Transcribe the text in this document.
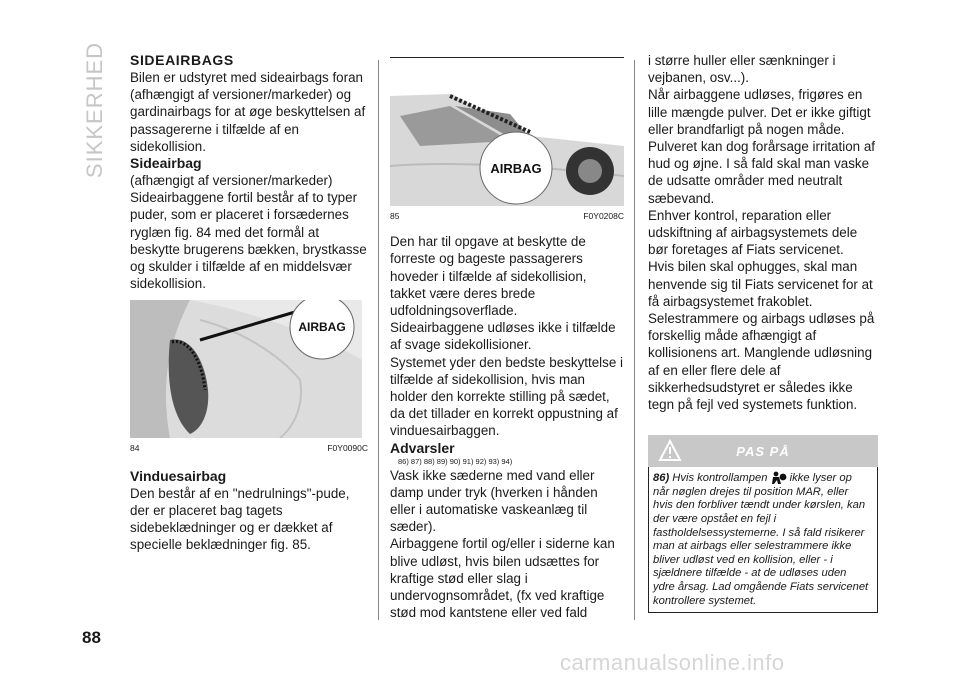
SIKKERHED SIDEAIRBAGS

Bilen er udstyret med sideairbags foran (afhængigt af versioner/markeder) og gardinairbags for at øge beskyttelsen af passagererne i tilfælde af en sidekollision.

Sideairbag

(afhængigt af versioner/markeder) Sideairbaggene fortil består af to typer puder, som er placeret i forsædernes ryglæn fig. 84 med det formål at beskytte brugerens bækken, brystkasse og skulder i tilfælde af en middelsvær sidekollision.

AIRBAG
84	F0Y0090C

Vinduesairbag

Den består af en "nedrulnings"-pude, der er placeret bag tagets sidebeklædninger og er dækket af specielle beklædninger fig. 85.

AIRBAG
85	F0Y0208C

Den har til opgave at beskytte de forreste og bageste passagerers hoveder i tilfælde af sidekollision, takket være deres brede udfoldningsoverflade.

Sideairbaggene udløses ikke i tilfælde af svage sidekollisioner.

Systemet yder den bedste beskyttelse i tilfælde af sidekollision, hvis man holder den korrekte stilling på sædet, da det tillader en korrekt oppustning af vinduesairbaggen.

Advarsler

86) 87) 88) 89) 90) 91) 92) 93) 94)

Vask ikke sæderne med vand eller damp under tryk (hverken i hånden eller i automatiske vaskeanlæg til sæder).

Airbaggene fortil og/eller i siderne kan blive udløst, hvis bilen udsættes for kraftige stød eller slag i undervognsområdet, (fx ved kraftige stød mod kantstene eller ved fald

i større huller eller sænkninger i vejbanen, osv...).

Når airbaggene udløses, frigøres en lille mængde pulver. Det er ikke giftigt eller brandfarligt på nogen måde. Pulveret kan dog forårsage irritation af hud og øjne. I så fald skal man vaske de udsatte områder med neutralt sæbevand.

Enhver kontrol, reparation eller udskiftning af airbagsystemets dele bør foretages af Fiats servicenet.

Hvis bilen skal ophugges, skal man henvende sig til Fiats servicenet for at få airbagsystemet frakoblet.

Selestrammere og airbags udløses på forskellig måde afhængigt af kollisionens art. Manglende udløsning af en eller flere dele af sikkerhedsudstyret er således ikke tegn på fejl ved systemets funktion.

PAS PÅ
86) Hvis kontrollampen ikke lyser op når nøglen drejes til position MAR, eller hvis den forbliver tændt under kørslen, kan der være opstået en fejl i fastholdelsessystemerne. I så fald risikerer man at airbags eller selestrammere ikke bliver udløst ved en kollision, eller - i sjældnere tilfælde - at de udløses uden ydre årsag. Lad omgående Fiats servicenet kontrollere systemet.
88
carmanualsonline.info
